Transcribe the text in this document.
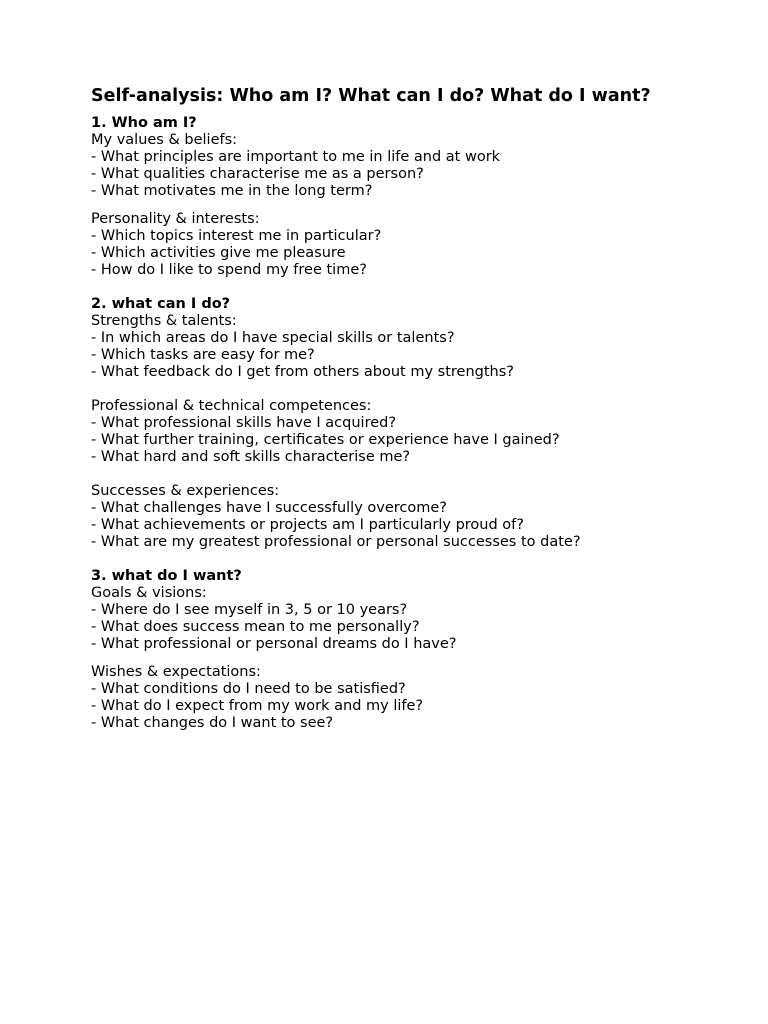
Self-analysis: Who am I? What can I do? What do I want?
1. Who am I?
My values & beliefs:
- What principles are important to me in life and at work
- What qualities characterise me as a person?
- What motivates me in the long term?
Personality & interests:
- Which topics interest me in particular?
- Which activities give me pleasure
- How do I like to spend my free time?
2. what can I do?
Strengths & talents:
- In which areas do I have special skills or talents?
- Which tasks are easy for me?
- What feedback do I get from others about my strengths?
Professional & technical competences:
- What professional skills have I acquired?
- What further training, certificates or experience have I gained?
- What hard and soft skills characterise me?
Successes & experiences:
- What challenges have I successfully overcome?
- What achievements or projects am I particularly proud of?
- What are my greatest professional or personal successes to date?
3. what do I want?
Goals & visions:
- Where do I see myself in 3, 5 or 10 years?
- What does success mean to me personally?
- What professional or personal dreams do I have?
Wishes & expectations:
- What conditions do I need to be satisfied?
- What do I expect from my work and my life?
- What changes do I want to see?
